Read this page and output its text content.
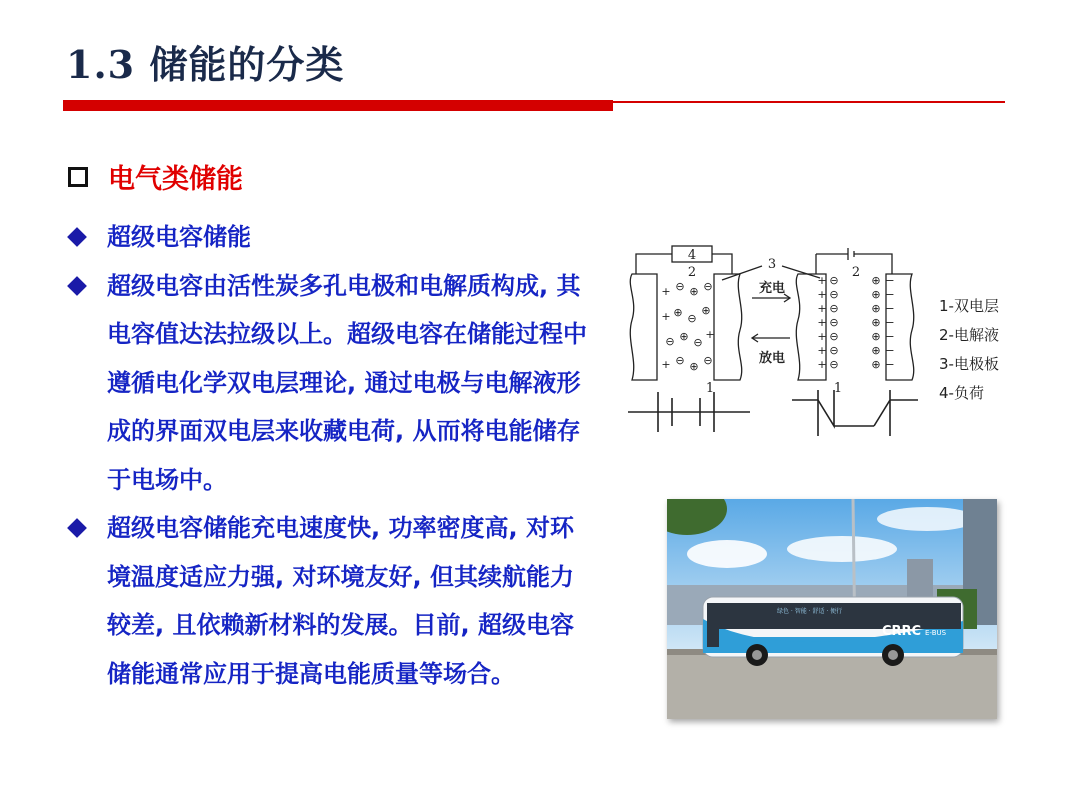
1.3 储能的分类
电气类储能
超级电容储能
超级电容由活性炭多孔电极和电解质构成, 其电容值达法拉级以上。超级电容在储能过程中遵循电化学双电层理论, 通过电极与电解液形成的界面双电层来收藏电荷, 从而将电能储存于电场中。
超级电容储能充电速度快, 功率密度高, 对环境温度适应力强, 对环境友好, 但其续航能力较差, 且依赖新材料的发展。目前, 超级电容储能通常应用于提高电能质量等场合。
+ ⊖ ⊕ ⊖
+ ⊕ ⊖
⊕
⊖ ⊕ ⊖
+
+ ⊖ ⊕ ⊖
+
+
+
+
+
+
+
⊖
⊖
⊖
⊖
⊖
⊖
⊖
⊕
⊕
⊕
⊕
⊕
⊕
⊕
−
−
−
−
−
−
−
4
2	2
3
1	1
充电
放电
1-双电层
2-电解液
3-电极板
4-负荷
CRRC E-BUS
绿色 · 智能 · 舒适 · 便行
